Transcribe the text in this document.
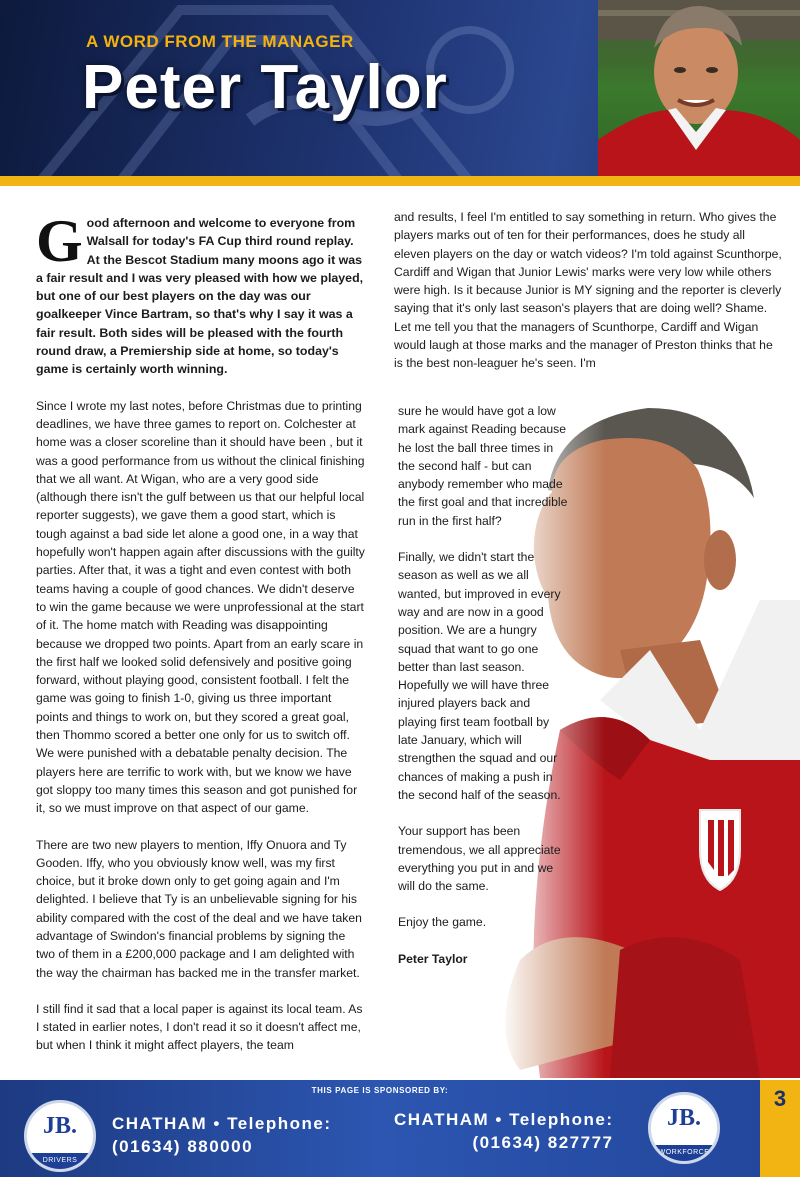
A WORD FROM THE MANAGER
Peter Taylor

Good afternoon and welcome to everyone from Walsall for today's FA Cup third round replay. At the Bescot Stadium many moons ago it was a fair result and I was very pleased with how we played, but one of our best players on the day was our goalkeeper Vince Bartram, so that's why I say it was a fair result. Both sides will be pleased with the fourth round draw, a Premiership side at home, so today's game is certainly worth winning.

Since I wrote my last notes, before Christmas due to printing deadlines, we have three games to report on. Colchester at home was a closer scoreline than it should have been , but it was a good performance from us without the clinical finishing that we all want. At Wigan, who are a very good side (although there isn't the gulf between us that our helpful local reporter suggests), we gave them a good start, which is tough against a bad side let alone a good one, in a way that hopefully won't happen again after discussions with the guilty parties. After that, it was a tight and even contest with both teams having a couple of good chances. We didn't deserve to win the game because we were unprofessional at the start of it. The home match with Reading was disappointing because we dropped two points. Apart from an early scare in the first half we looked solid defensively and positive going forward, without playing good, consistent football. I felt the game was going to finish 1-0, giving us three important points and things to work on, but they scored a great goal, then Thommo scored a better one only for us to switch off. We were punished with a debatable penalty decision. The players here are terrific to work with, but we know we have got sloppy too many times this season and got punished for it, so we must improve on that aspect of our game.

There are two new players to mention, Iffy Onuora and Ty Gooden. Iffy, who you obviously know well, was my first choice, but it broke down only to get going again and I'm delighted. I believe that Ty is an unbelievable signing for his ability compared with the cost of the deal and we have taken advantage of Swindon's financial problems by signing the two of them in a £200,000 package and I am delighted with the way the chairman has backed me in the transfer market.

I still find it sad that a local paper is against its local team. As I stated in earlier notes, I don't read it so it doesn't affect me, but when I think it might affect players, the team

and results, I feel I'm entitled to say something in return. Who gives the players marks out of ten for their performances, does he study all eleven players on the day or watch videos? I'm told against Scunthorpe, Cardiff and Wigan that Junior Lewis' marks were very low while others were high. Is it because Junior is MY signing and the reporter is cleverly saying that it's only last season's players that are doing well? Shame. Let me tell you that the managers of Scunthorpe, Cardiff and Wigan would laugh at those marks and the manager of Preston thinks that he is the best non-leaguer he's seen. I'm

sure he would have got a low mark against Reading because he lost the ball three times in the second half - but can anybody remember who made the first goal and that incredible run in the first half?

Finally, we didn't start the season as well as we all wanted, but improved in every way and are now in a good position. We are a hungry squad that want to go one better than last season. Hopefully we will have three injured players back and playing first team football by late January, which will strengthen the squad and our chances of making a push in the second half of the season.

Your support has been tremendous, we all appreciate everything you put in and we will do the same.

Enjoy the game.

Peter Taylor

THIS PAGE IS SPONSORED BY:
JB.
DRIVERS
CHATHAM • Telephone:
(01634) 880000
CHATHAM • Telephone:
(01634) 827777
JB.
WORKFORCE
3
